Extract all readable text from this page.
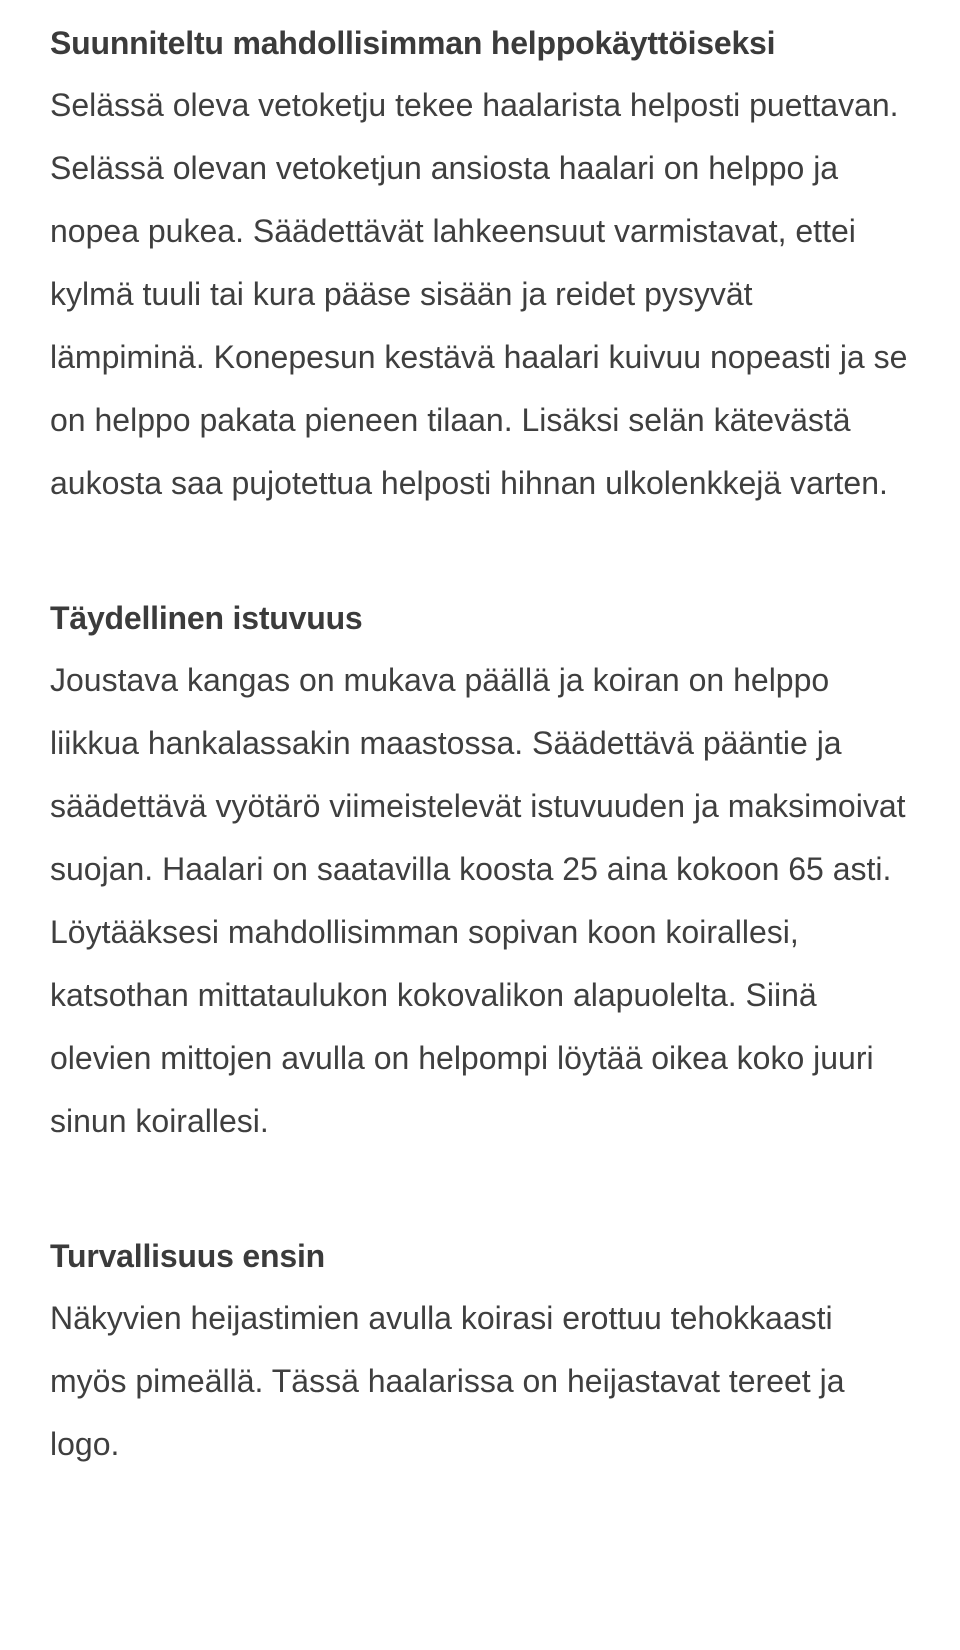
Suunniteltu mahdollisimman helppokäyttöiseksi

Selässä oleva vetoketju tekee haalarista helposti puettavan. Selässä olevan vetoketjun ansiosta haalari on helppo ja nopea pukea. Säädettävät lahkeensuut varmistavat, ettei kylmä tuuli tai kura pääse sisään ja reidet pysyvät lämpiminä. Konepesun kestävä haalari kuivuu nopeasti ja se on helppo pakata pieneen tilaan. Lisäksi selän kätevästä aukosta saa pujotettua helposti hihnan ulkolenkkejä varten.

Täydellinen istuvuus

Joustava kangas on mukava päällä ja koiran on helppo liikkua hankalassakin maastossa. Säädettävä pääntie ja säädettävä vyötärö viimeistelevät istuvuuden ja maksimoivat suojan. Haalari on saatavilla koosta 25 aina kokoon 65 asti. Löytääksesi mahdollisimman sopivan koon koirallesi, katsothan mittataulukon kokovalikon alapuolelta. Siinä olevien mittojen avulla on helpompi löytää oikea koko juuri sinun koirallesi.

Turvallisuus ensin

Näkyvien heijastimien avulla koirasi erottuu tehokkaasti myös pimeällä. Tässä haalarissa on heijastavat tereet ja logo.
